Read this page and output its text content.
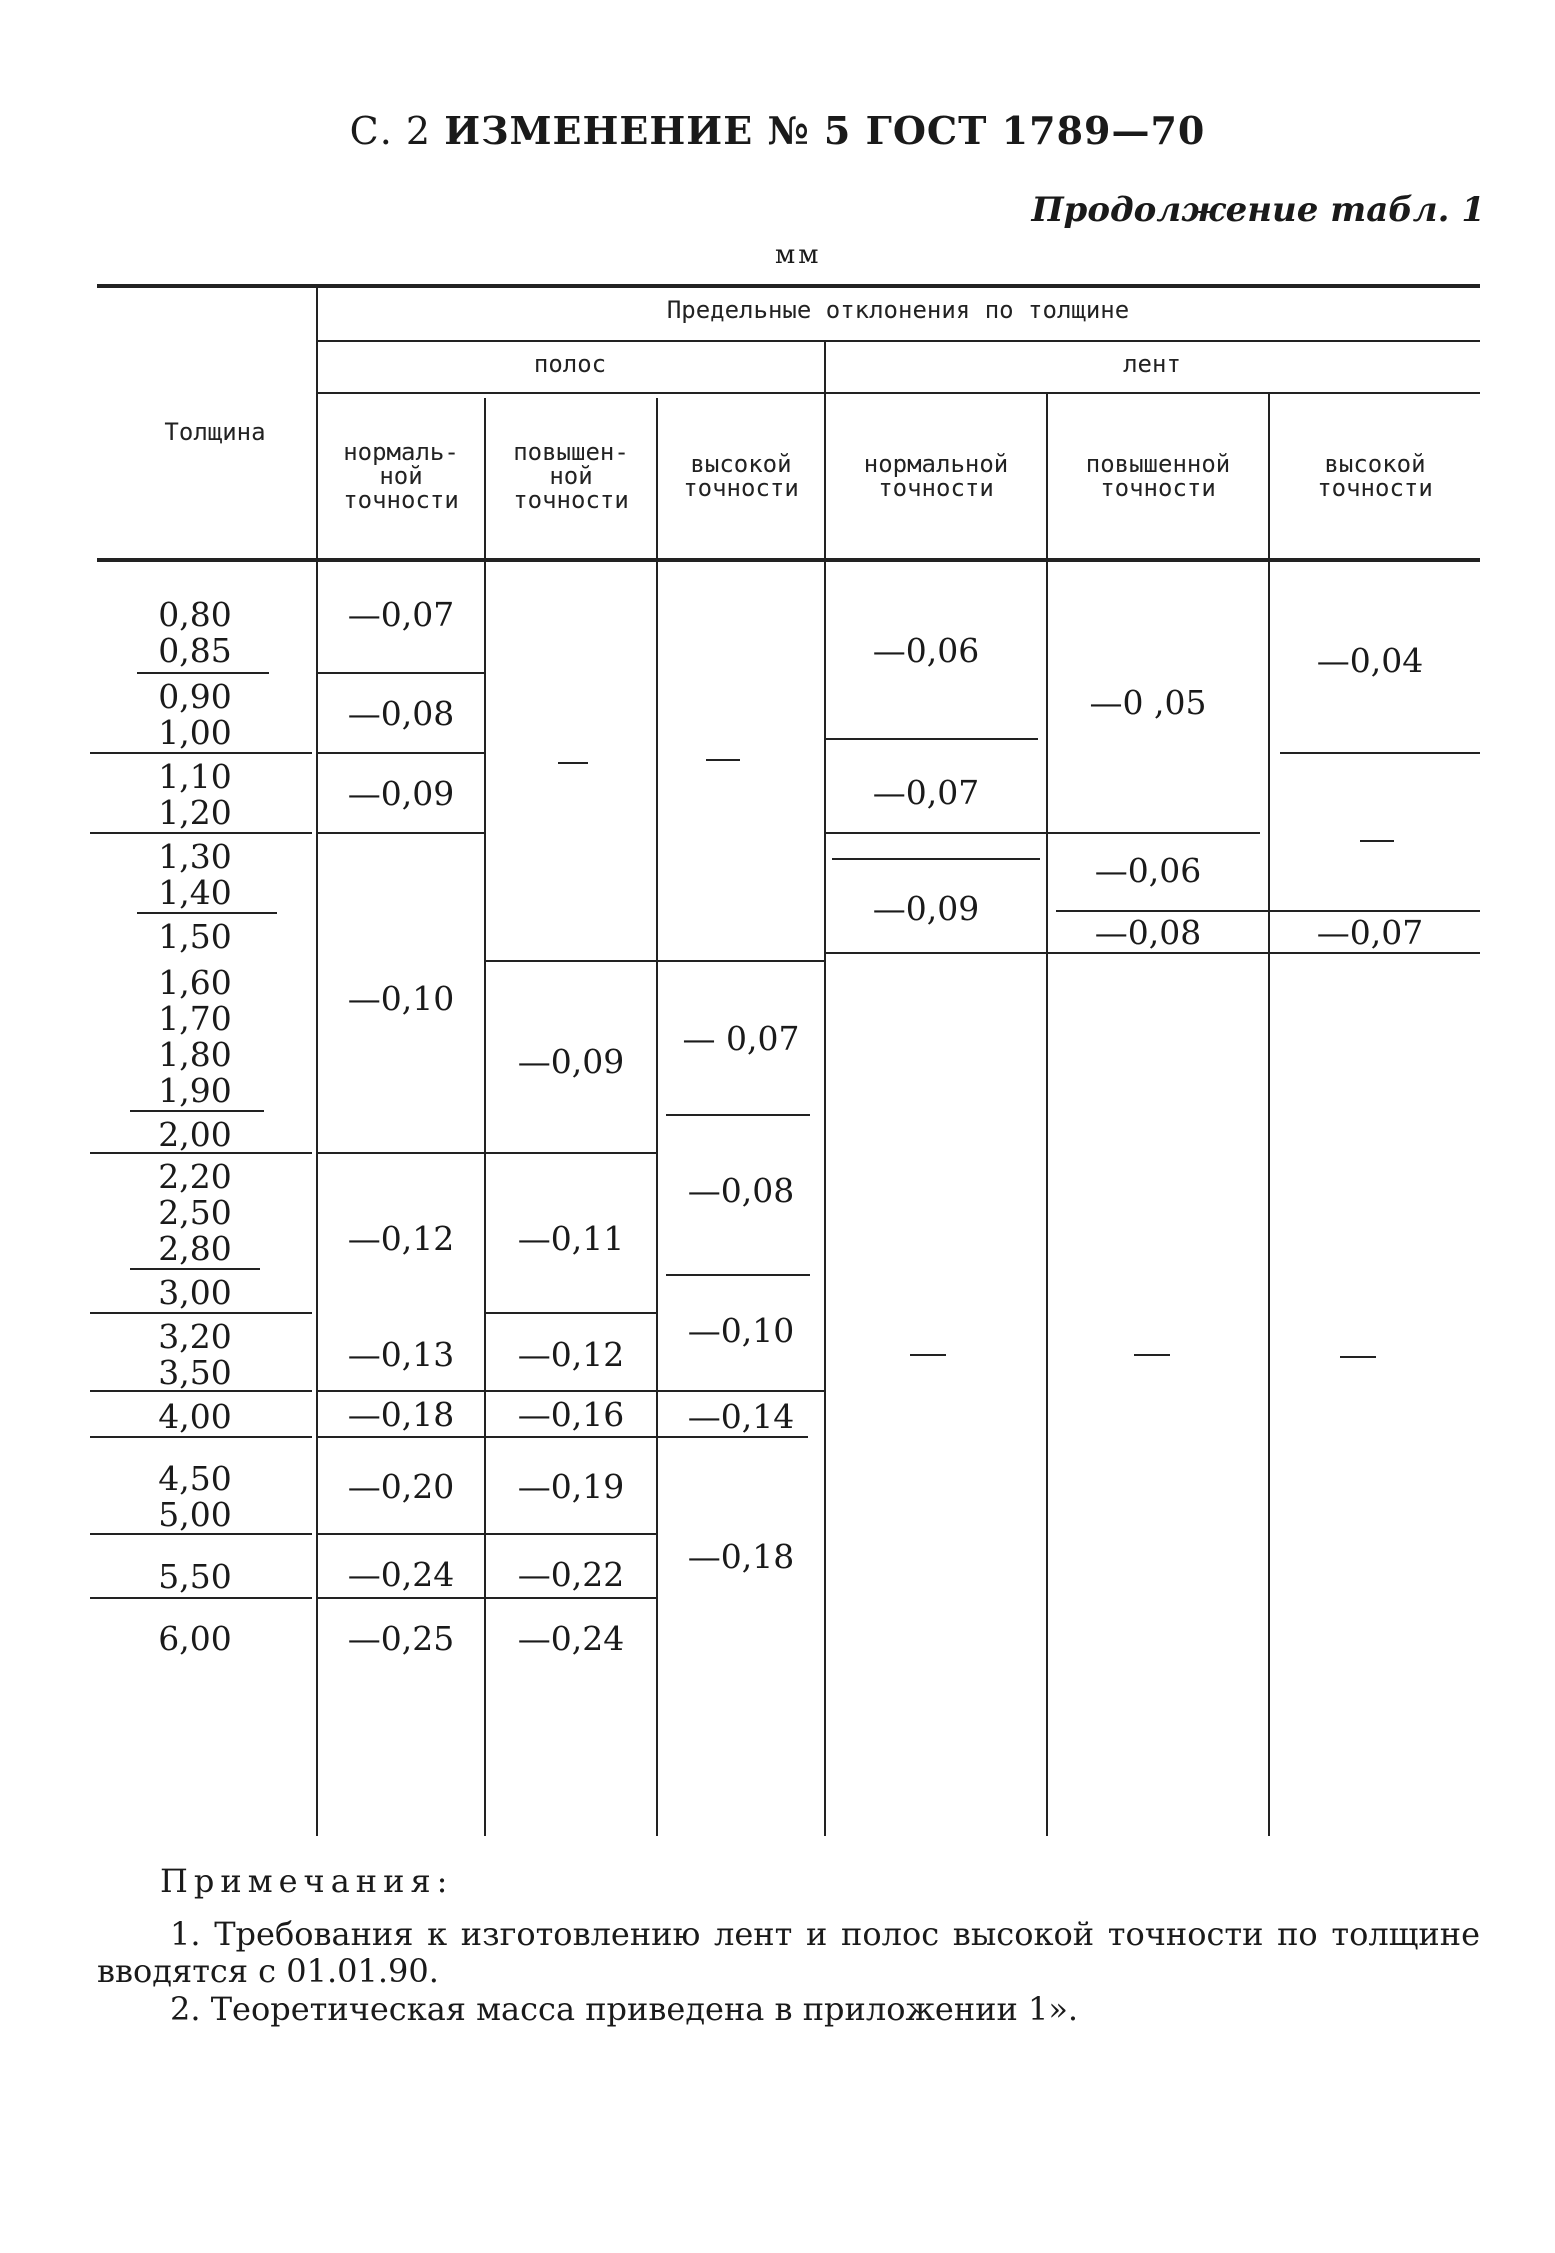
С. 2 ИЗМЕНЕНИЕ № 5 ГОСТ 1789—70
Продолжение табл. 1
мм
Толщина
Предельные отклонения по толщине
полос	лент
нормаль-
ной
точности
повышен-
ной
точности
высокой
точности
нормальной
точности
повышенной
точности
высокой
точности
0,80
0,85
0,90
1,00
1,10
1,20
1,30
1,40
1,50
1,60
1,70
1,80
1,90
2,00
2,20
2,50
2,80
3,00
3,20
3,50
4,00
4,50
5,00
5,50
6,00
—0,07
—0,08
—0,09
—0,10
—0,12
—0,13
—0,18
—0,20
—0,24
—0,25
—0,09
—0,11
—0,12
—0,16
—0,19
—0,22
—0,24
— 0,07
—0,08
—0,10
—0,14
—0,18
—0,06
—0,07
—0,09
—0 ,05
—0,06
—0,08
—0,04
—0,07
Примечания:
1. Требования к изготовлению лент и полос высокой точности по толщине
вводятся с 01.01.90.
2. Теоретическая масса приведена в приложении 1».
